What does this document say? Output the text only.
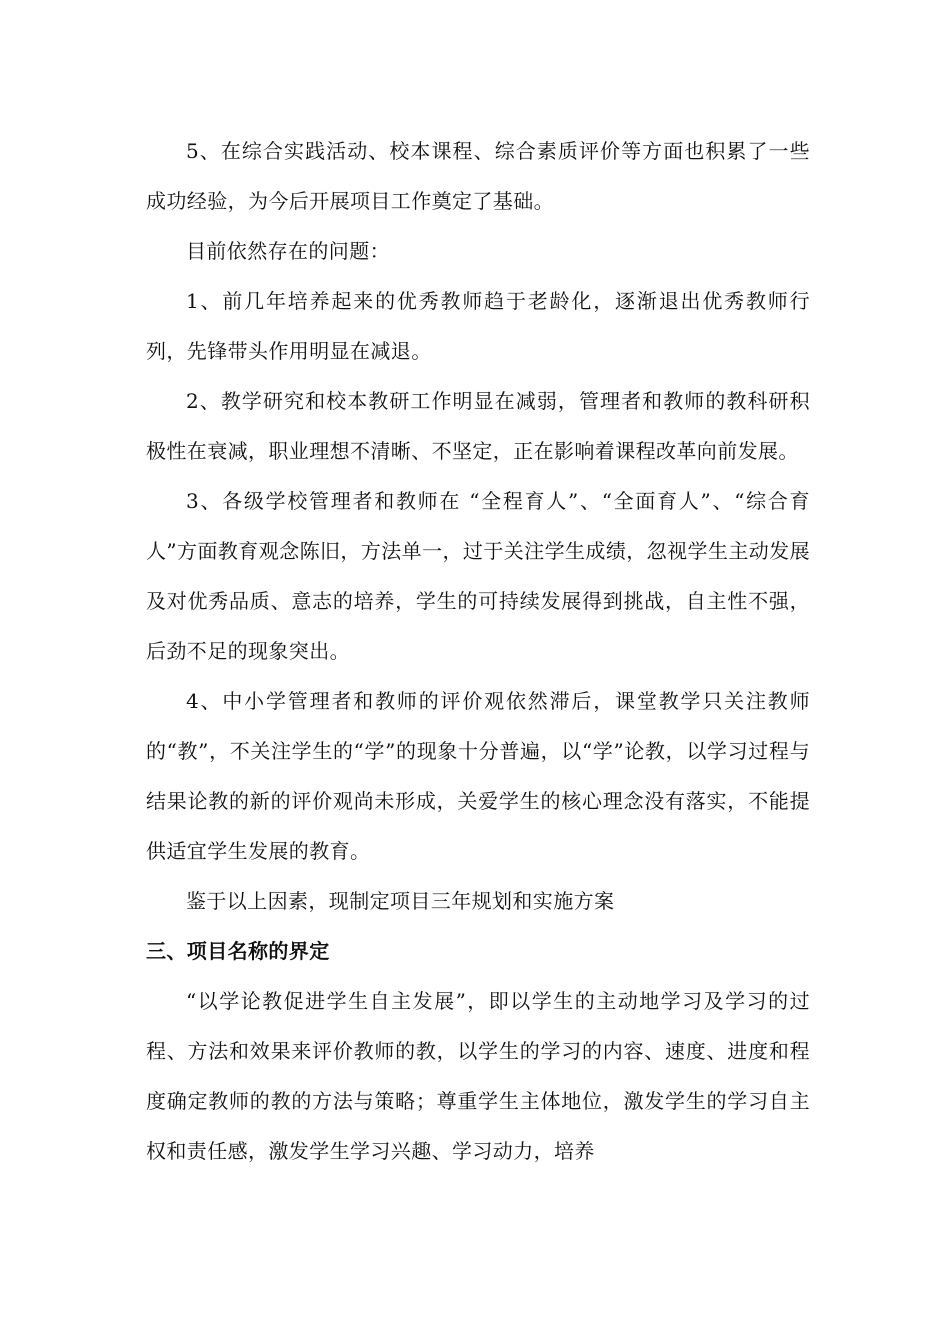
5、在综合实践活动、校本课程、综合素质评价等方面也积累了一些成功经验，为今后开展项目工作奠定了基础。

目前依然存在的问题：

1、前几年培养起来的优秀教师趋于老龄化，逐渐退出优秀教师行列，先锋带头作用明显在减退。

2、教学研究和校本教研工作明显在减弱，管理者和教师的教科研积极性在衰减，职业理想不清晰、不坚定，正在影响着课程改革向前发展。

3、各级学校管理者和教师在 “全程育人”、“全面育人”、“综合育人”方面教育观念陈旧，方法单一，过于关注学生成绩，忽视学生主动发展及对优秀品质、意志的培养，学生的可持续发展得到挑战，自主性不强，后劲不足的现象突出。

4、中小学管理者和教师的评价观依然滞后，课堂教学只关注教师的“教”，不关注学生的“学”的现象十分普遍，以“学”论教，以学习过程与结果论教的新的评价观尚未形成，关爱学生的核心理念没有落实，不能提供适宜学生发展的教育。

鉴于以上因素，现制定项目三年规划和实施方案

三、项目名称的界定

“以学论教促进学生自主发展”，即以学生的主动地学习及学习的过程、方法和效果来评价教师的教，以学生的学习的内容、速度、进度和程度确定教师的教的方法与策略；尊重学生主体地位，激发学生的学习自主权和责任感，激发学生学习兴趣、学习动力，培养
